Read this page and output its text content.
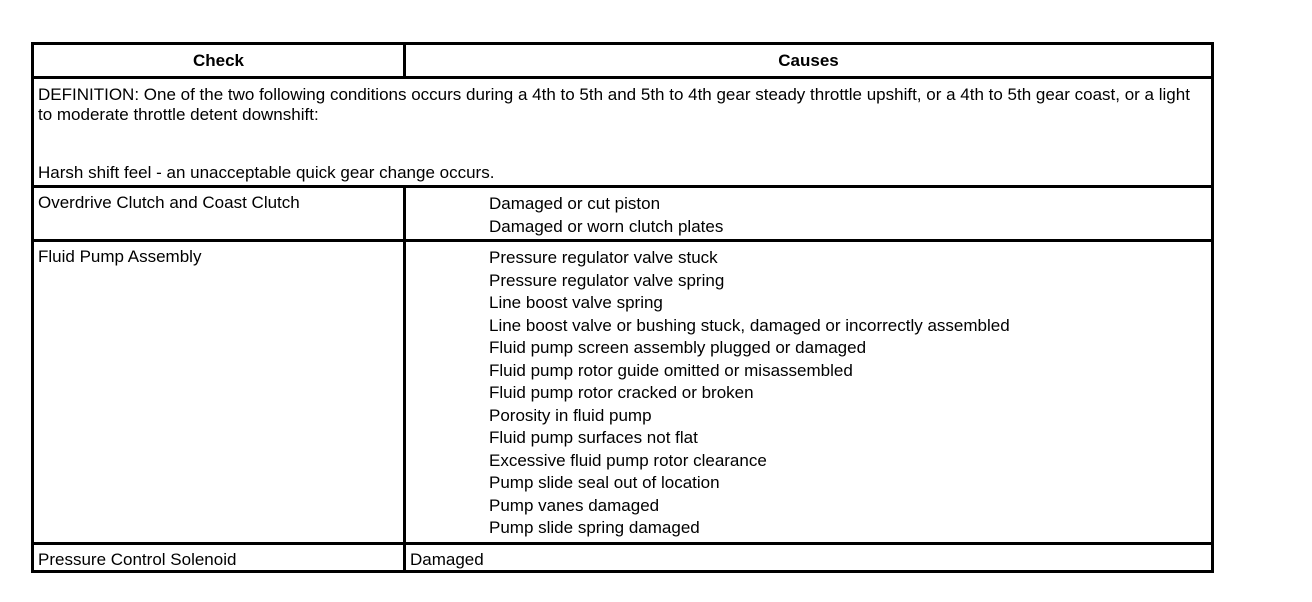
Check	Causes
DEFINITION: One of the two following conditions occurs during a 4th to 5th and 5th to 4th gear steady throttle upshift, or a 4th to 5th gear coast, or a light to moderate throttle detent downshift:
Harsh shift feel - an unacceptable quick gear change occurs.
Overdrive Clutch and Coast Clutch	Damaged or cut piston
Damaged or worn clutch plates
Fluid Pump Assembly	Pressure regulator valve stuck
Pressure regulator valve spring
Line boost valve spring
Line boost valve or bushing stuck, damaged or incorrectly assembled
Fluid pump screen assembly plugged or damaged
Fluid pump rotor guide omitted or misassembled
Fluid pump rotor cracked or broken
Porosity in fluid pump
Fluid pump surfaces not flat
Excessive fluid pump rotor clearance
Pump slide seal out of location
Pump vanes damaged
Pump slide spring damaged
Pressure Control Solenoid	Damaged
